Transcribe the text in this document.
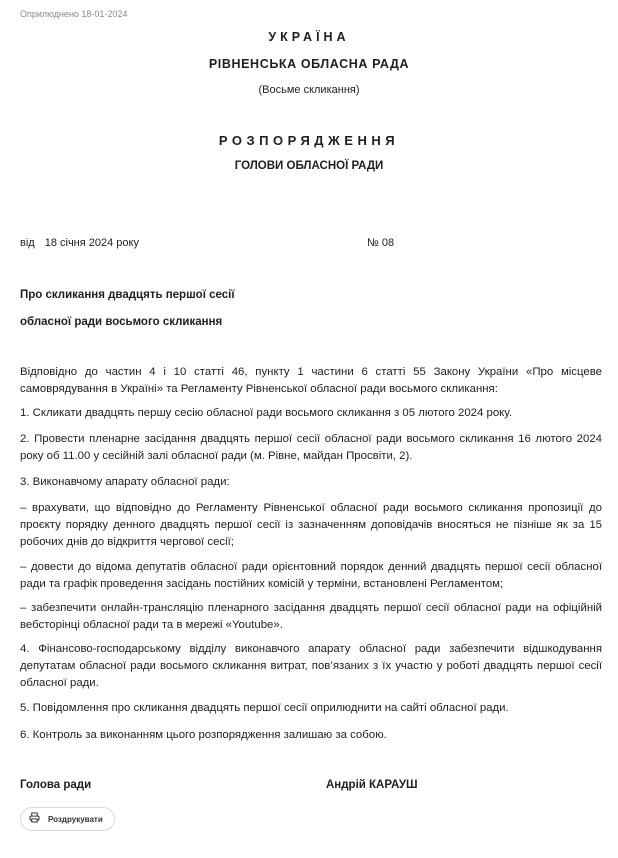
Оприлюднено 18-01-2024
УКРАЇНА
РІВНЕНСЬКА ОБЛАСНА РАДА
(Восьме скликання)
РОЗПОРЯДЖЕННЯ
ГОЛОВИ ОБЛАСНОЇ РАДИ
від 18 січня 2024 року	№ 08
Про скликання двадцять першої сесії
обласної ради восьмого скликання
Відповідно до частин 4 і 10 статті 46, пункту 1 частини 6 статті 55 Закону України «Про місцеве самоврядування в Україні» та Регламенту Рівненської обласної ради восьмого скликання:
1. Скликати двадцять першу сесію обласної ради восьмого скликання з 05 лютого 2024 року.
2. Провести пленарне засідання двадцять першої сесії обласної ради восьмого скликання 16 лютого 2024 року об 11.00 у сесійній залі обласної ради (м. Рівне, майдан Просвіти, 2).
3. Виконавчому апарату обласної ради:
– врахувати, що відповідно до Регламенту Рівненської обласної ради восьмого скликання пропозиції до проєкту порядку денного двадцять першої сесії із зазначенням доповідачів вносяться не пізніше як за 15 робочих днів до відкриття чергової сесії;
– довести до відома депутатів обласної ради орієнтовний порядок денний двадцять першої сесії обласної ради та графік проведення засідань постійних комісій у терміни, встановлені Регламентом;
– забезпечити онлайн-трансляцію пленарного засідання двадцять першої сесії обласної ради на офіційній вебсторінці обласної ради та в мережі «Youtube».
4. Фінансово-господарському відділу виконавчого апарату обласної ради забезпечити відшкодування депутатам обласної ради восьмого скликання витрат, пов’язаних з їх участю у роботі двадцять першої сесії обласної ради.
5. Повідомлення про скликання двадцять першої сесії оприлюднити на сайті обласної ради.
6. Контроль за виконанням цього розпорядження залишаю за собою.
Голова ради	Андрій КАРАУШ
Роздрукувати
